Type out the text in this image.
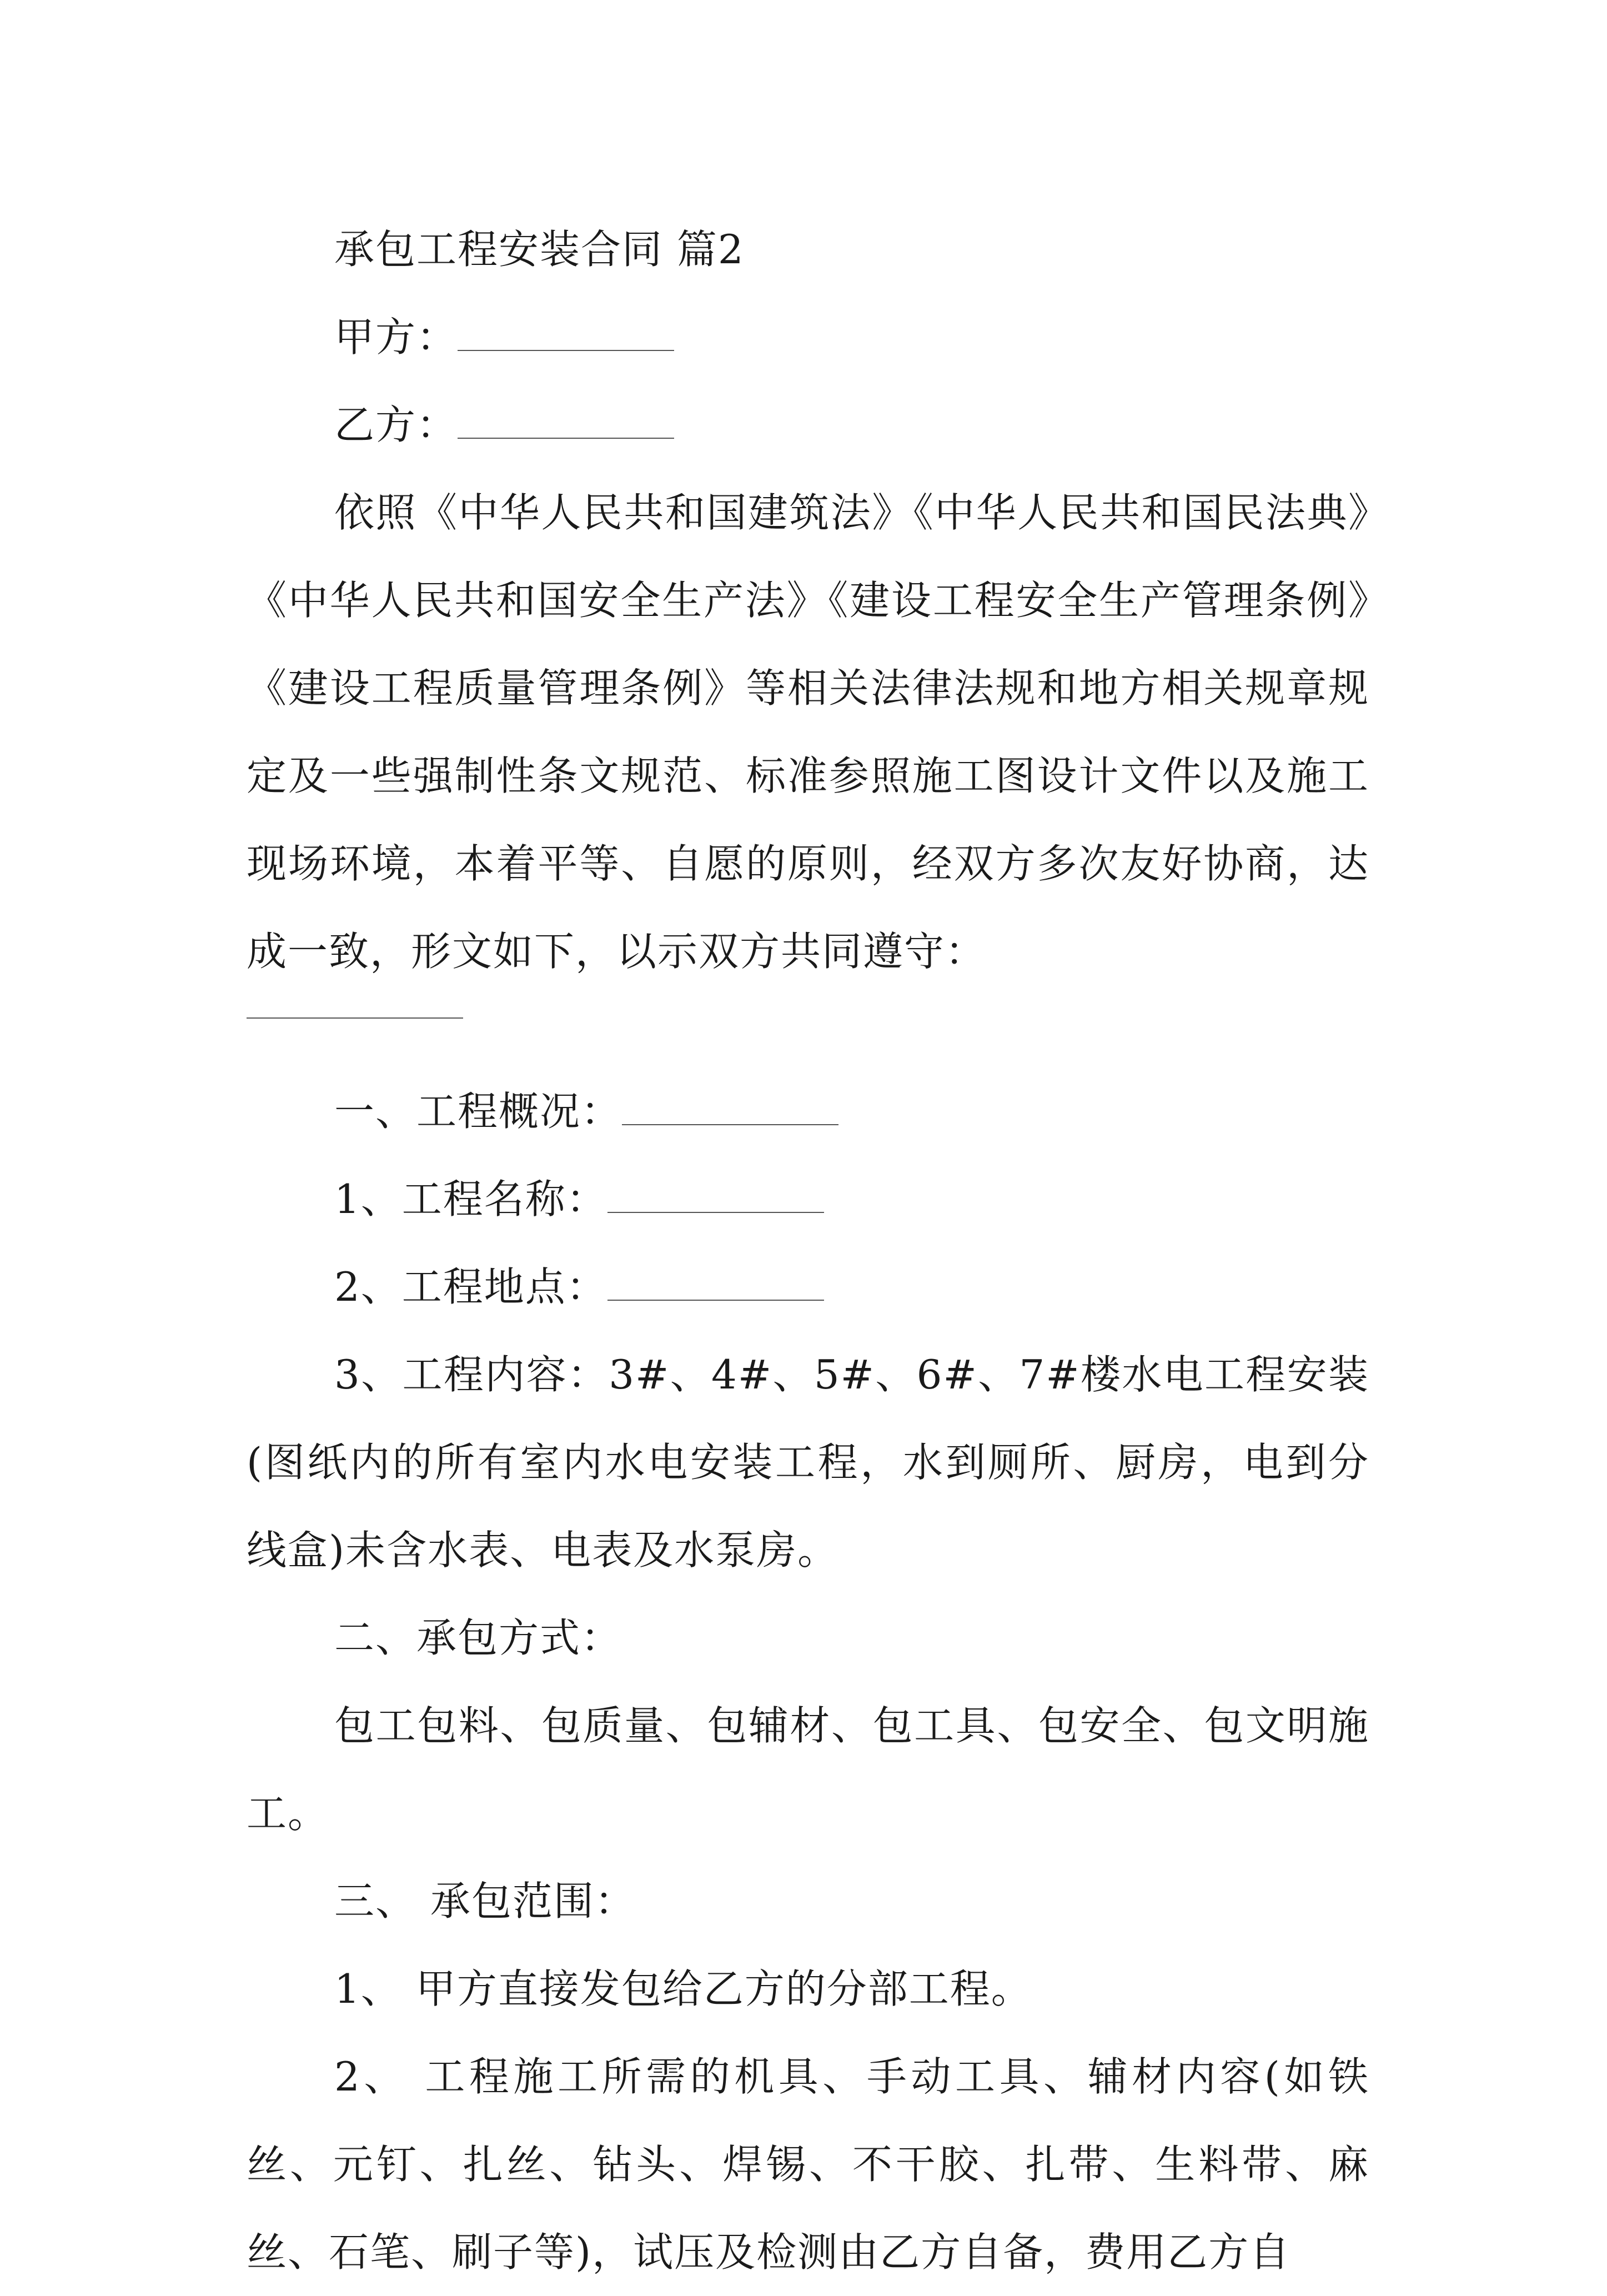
承包工程安装合同 篇2
甲方：
乙方：

依照《中华人民共和国建筑法》《中华人民共和国民法典》《中华人民共和国安全生产法》《建设工程安全生产管理条例》《建设工程质量管理条例》等相关法律法规和地方相关规章规定及一些强制性条文规范、标准参照施工图设计文件以及施工现场环境，本着平等、自愿的原则，经双方多次友好协商，达成一致，形文如下，以示双方共同遵守：

一、工程概况：
1、工程名称：
2、工程地点：

3、工程内容：3#、4#、5#、6#、7#楼水电工程安装(图纸内的所有室内水电安装工程，水到厕所、厨房，电到分线盒)未含水表、电表及水泵房。

二、承包方式：

包工包料、包质量、包辅材、包工具、包安全、包文明施工。

三、 承包范围：
1、 甲方直接发包给乙方的分部工程。

2、 工程施工所需的机具、手动工具、辅材内容(如铁丝、元钉、扎丝、钻头、焊锡、不干胶、扎带、生料带、麻丝、石笔、刷子等)，试压及检测由乙方自备，费用乙方自
